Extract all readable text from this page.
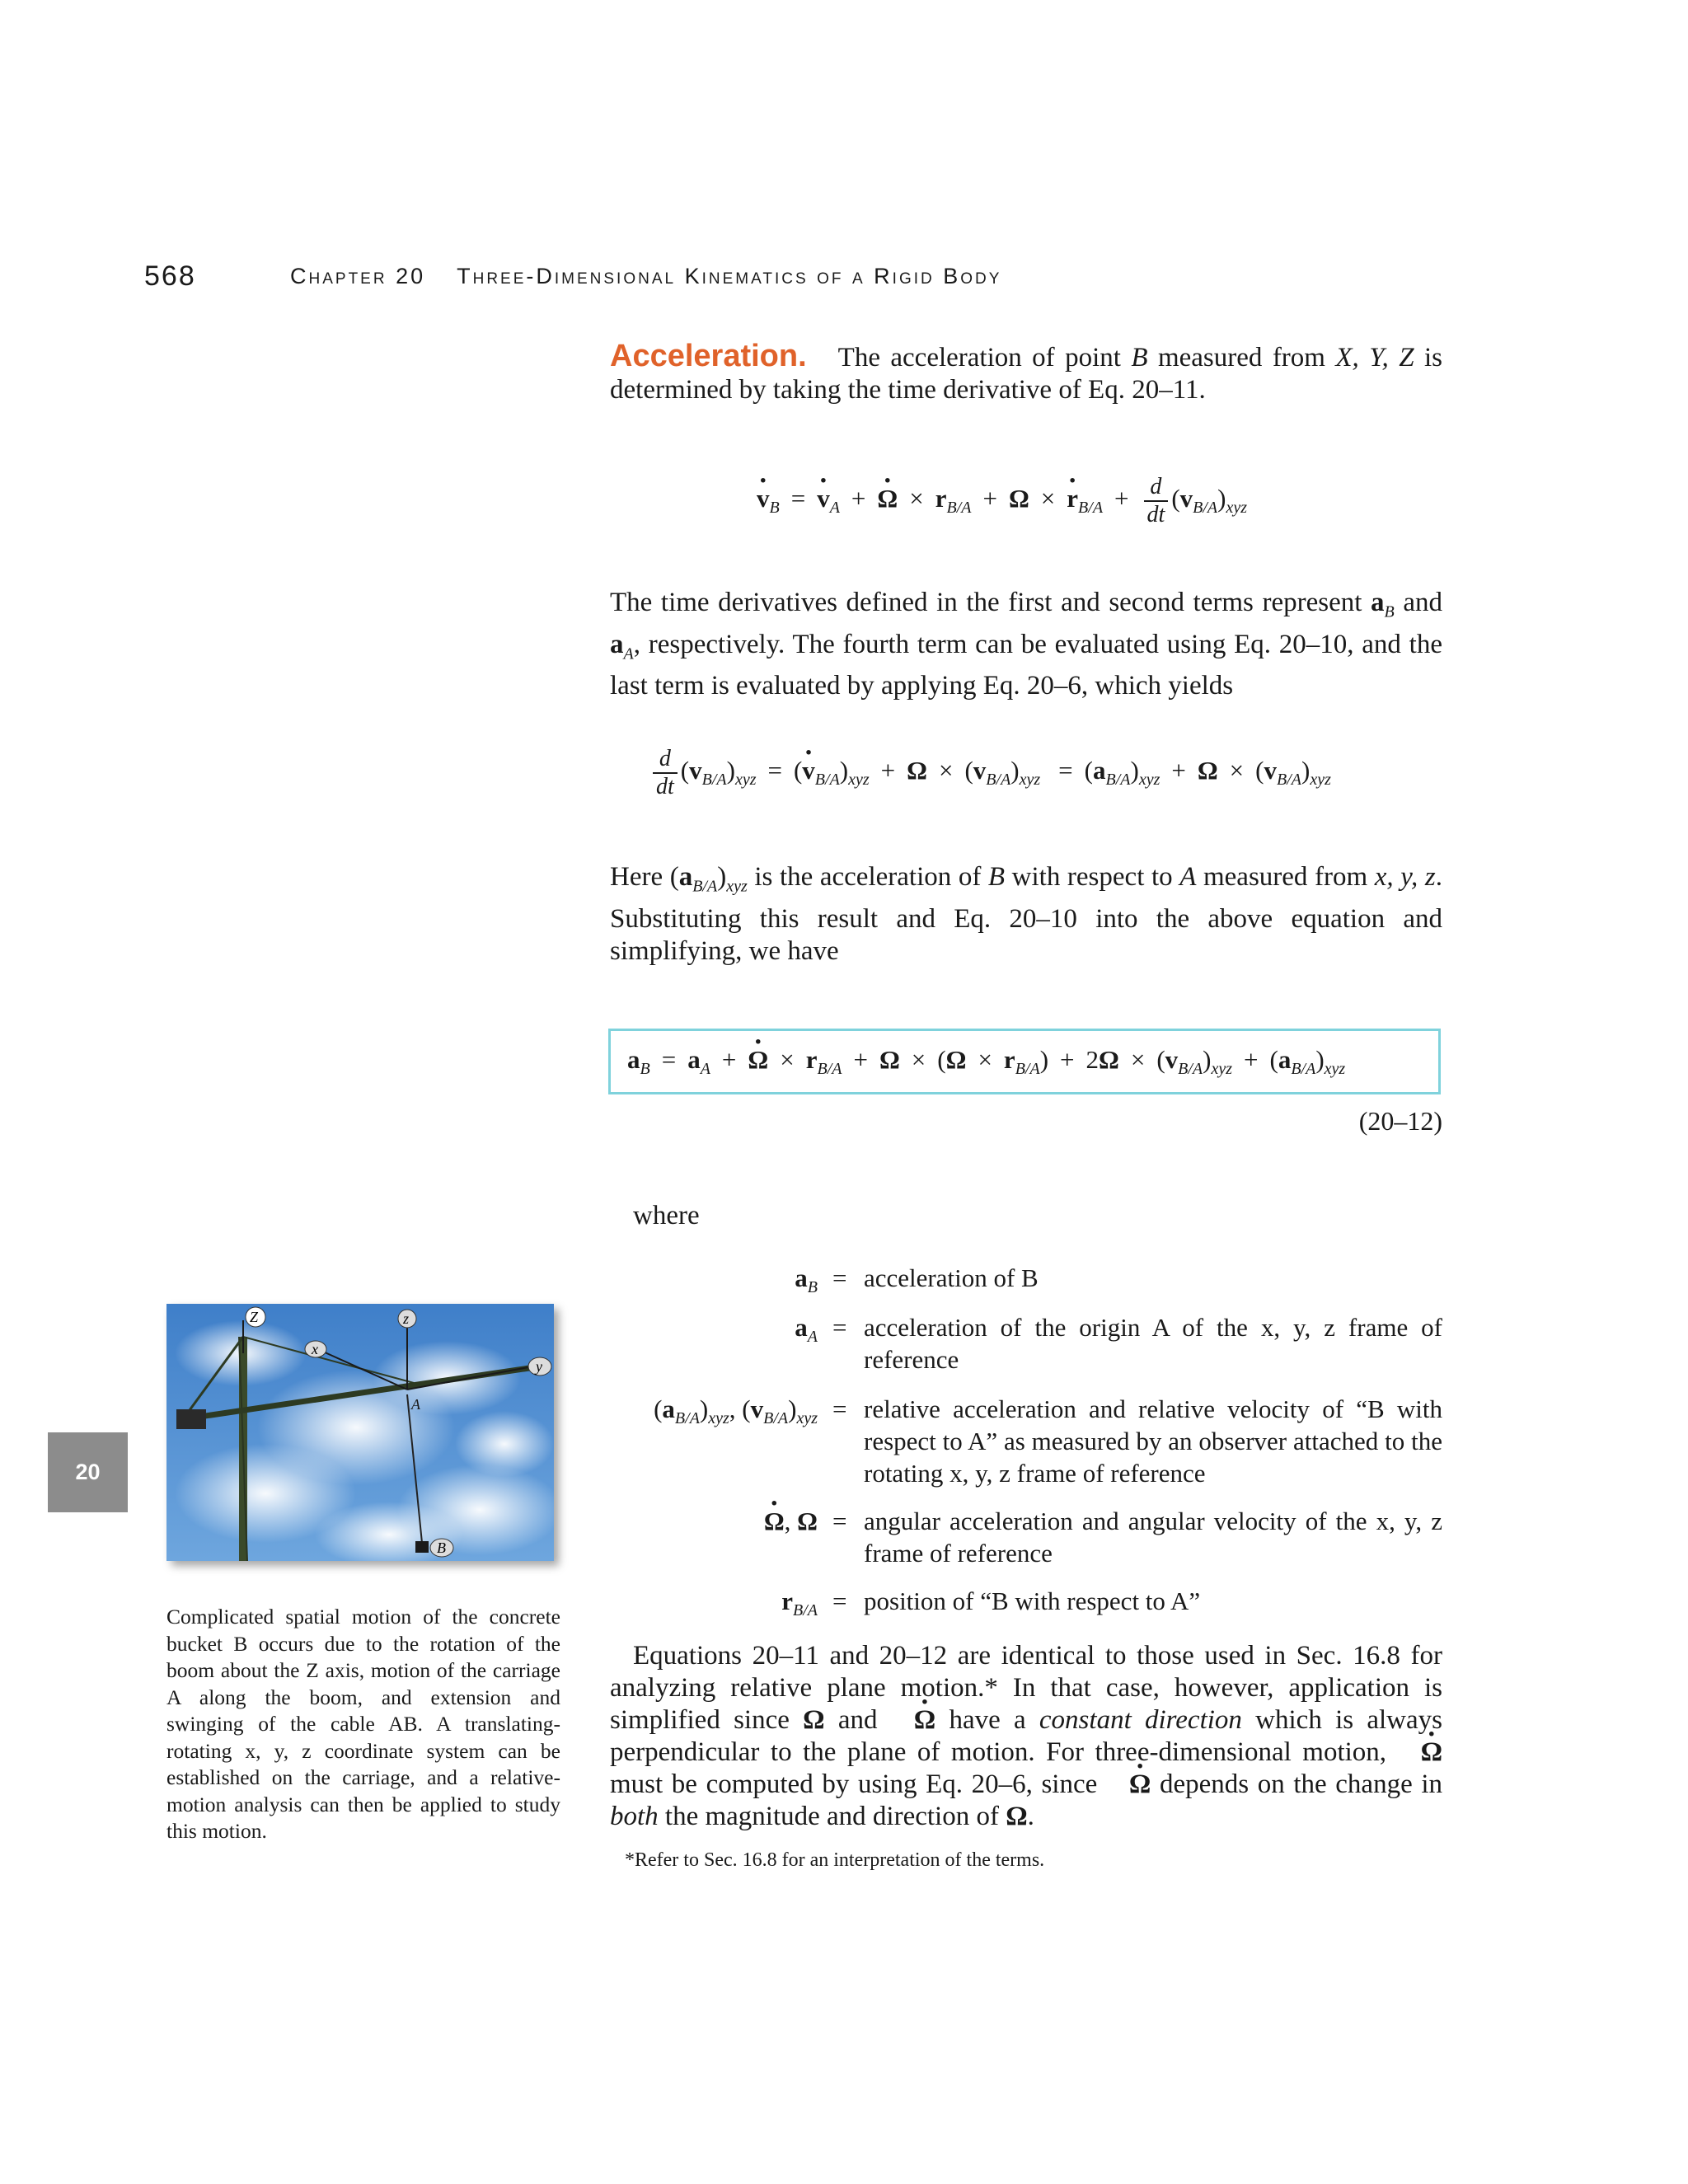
568	Chapter 20 Three-Dimensional Kinematics of a Rigid Body
Acceleration. The acceleration of point B measured from X, Y, Z is determined by taking the time derivative of Eq. 20–11.
· $v_B =\cdot v_A +\cdot \Omega \times r_{B/A} + \Omega \times\cdot r_{B/A} + \frac{d}{dt} (v_{B/A})_{xyz}$
The time derivatives defined in the first and second terms represent $a_B$ and $a_A$, respectively. The fourth term can be evaluated using Eq. 20–10, and the last term is evaluated by applying Eq. 20–6, which yields
$\frac{d}{dt} (v_{B/A})_{xyz}$ = (· $v_{B/A})_{xyz} + \Omega \times (v_{B/A})_{xyz} = (a_{B/A})_{xyz} + \Omega \times (v_{B/A})_{xyz}$
Here $(a_{B/A})_{xyz}$ is the acceleration of B with respect to A measured from x, y, z. Substituting this result and Eq. 20–10 into the above equation and simplifying, we have
$a_B = a_A +\cdot \Omega \times r_{B/A} + \Omega \times (\Omega \times r_{B/A}) + 2\Omega \times (v_{B/A})_{xyz} + (a_{B/A})_{xyz}$
(20–12)
where
$a_B$ = acceleration of B
$a_A$ = acceleration of the origin A of the x, y, z frame of reference
$(a_{B/A})_{xyz}$, $(v_{B/A})_{xyz}$ = relative acceleration and relative velocity of “B with respect to A” as measured by an observer attached to the rotating x, y, z frame of reference
· Ω, Ω = angular acceleration and angular velocity of the x, y, z frame of reference
$r_{B/A}$ = position of “B with respect to A”
Equations 20–11 and 20–12 are identical to those used in Sec. 16.8 for analyzing relative plane motion.* In that case, however, application is simplified since Ω and · Ω have a constant direction which is always perpendicular to the plane of motion. For three-dimensional motion, · Ω must be computed by using Eq. 20–6, since · Ω depends on the change in both the magnitude and direction of Ω.
*Refer to Sec. 16.8 for an interpretation of the terms.
Z
x
z
y
A
B
Complicated spatial motion of the concrete bucket B occurs due to the rotation of the boom about the Z axis, motion of the carriage A along the boom, and extension and swinging of the cable AB. A translating-rotating x, y, z coordinate system can be established on the carriage, and a relative-motion analysis can then be applied to study this motion.
20
